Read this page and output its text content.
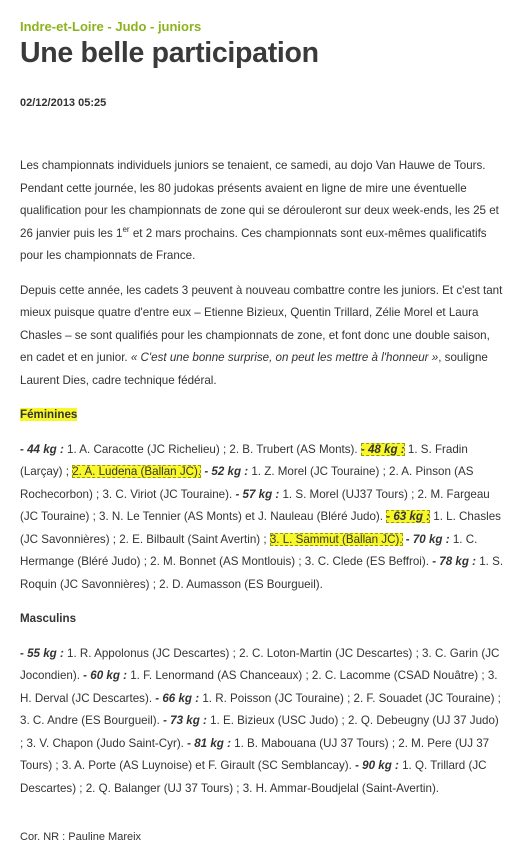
Indre-et-Loire - Judo - juniors
Une belle participation
02/12/2013 05:25

Les championnats individuels juniors se tenaient, ce samedi, au dojo Van Hauwe de Tours. Pendant cette journée, les 80 judokas présents avaient en ligne de mire une éventuelle qualification pour les championnats de zone qui se dérouleront sur deux week-ends, les 25 et 26 janvier puis les 1er et 2 mars prochains. Ces championnats sont eux-mêmes qualificatifs pour les championnats de France.

Depuis cette année, les cadets 3 peuvent à nouveau combattre contre les juniors. Et c'est tant mieux puisque quatre d'entre eux – Etienne Bizieux, Quentin Trillard, Zélie Morel et Laura Chasles – se sont qualifiés pour les championnats de zone, et font donc une double saison, en cadet et en junior. « C'est une bonne surprise, on peut les mettre à l'honneur », souligne Laurent Dies, cadre technique fédéral.

Féminines

- 44 kg : 1. A. Caracotte (JC Richelieu) ; 2. B. Trubert (AS Monts). - 48 kg : 1. S. Fradin (Larçay) ; 2. A. Ludena (Ballan JC). - 52 kg : 1. Z. Morel (JC Touraine) ; 2. A. Pinson (AS Rochecorbon) ; 3. C. Viriot (JC Touraine). - 57 kg : 1. S. Morel (UJ37 Tours) ; 2. M. Fargeau (JC Touraine) ; 3. N. Le Tennier (AS Monts) et J. Nauleau (Bléré Judo). - 63 kg : 1. L. Chasles (JC Savonnières) ; 2. E. Bilbault (Saint Avertin) ; 3. L. Sammut (Ballan JC). - 70 kg : 1. C. Hermange (Bléré Judo) ; 2. M. Bonnet (AS Montlouis) ; 3. C. Clede (ES Beffroi). - 78 kg : 1. S. Roquin (JC Savonnières) ; 2. D. Aumasson (ES Bourgueil).

Masculins

- 55 kg : 1. R. Appolonus (JC Descartes) ; 2. C. Loton-Martin (JC Descartes) ; 3. C. Garin (JC Jocondien). - 60 kg : 1. F. Lenormand (AS Chanceaux) ; 2. C. Lacomme (CSAD Nouâtre) ; 3. H. Derval (JC Descartes). - 66 kg : 1. R. Poisson (JC Touraine) ; 2. F. Souadet (JC Touraine) ; 3. C. Andre (ES Bourgueil). - 73 kg : 1. E. Bizieux (USC Judo) ; 2. Q. Debeugny (UJ 37 Judo) ; 3. V. Chapon (Judo Saint-Cyr). - 81 kg : 1. B. Mabouana (UJ 37 Tours) ; 2. M. Pere (UJ 37 Tours) ; 3. A. Porte (AS Luynoise) et F. Girault (SC Semblancay). - 90 kg : 1. Q. Trillard (JC Descartes) ; 2. Q. Balanger (UJ 37 Tours) ; 3. H. Ammar-Boudjelal (Saint-Avertin).

Cor. NR : Pauline Mareix
